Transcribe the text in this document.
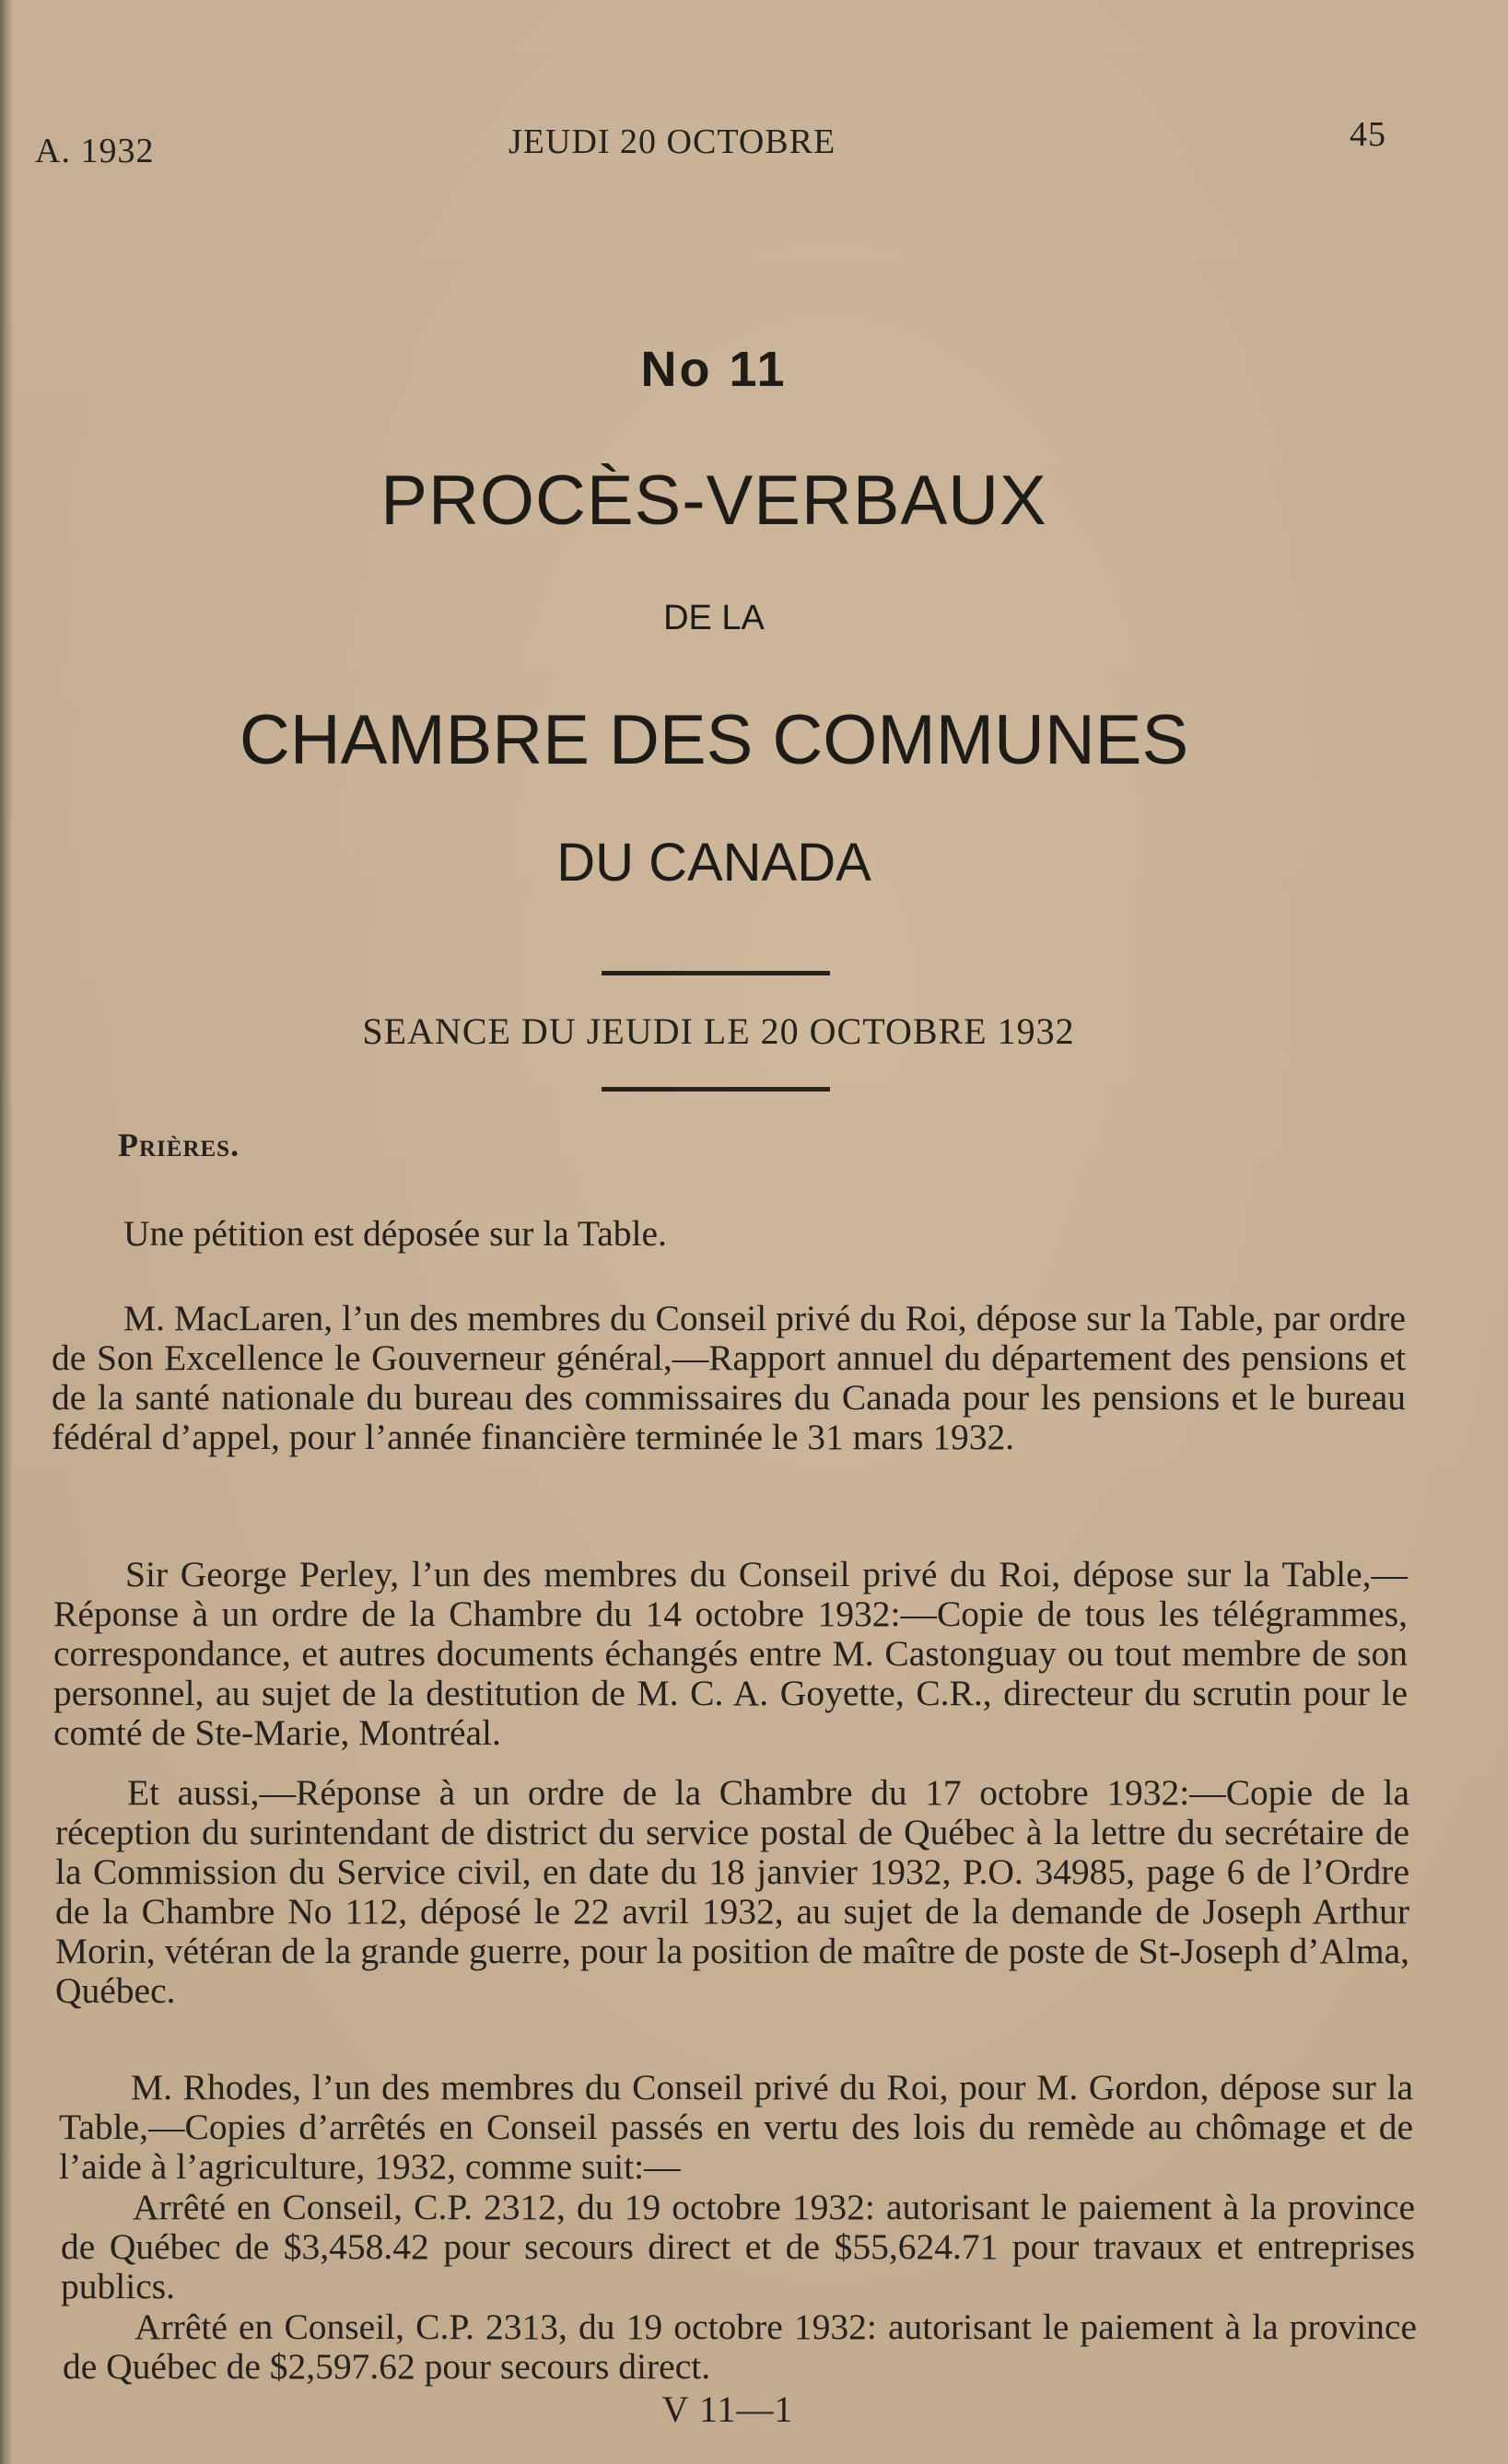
A. 1932	JEUDI 20 OCTOBRE	45
No 11
PROCÈS-VERBAUX
DE LA
CHAMBRE DES COMMUNES
DU CANADA
SEANCE DU JEUDI LE 20 OCTOBRE 1932
Prières.
Une pétition est déposée sur la Table.
M. MacLaren, l’un des membres du Conseil privé du Roi, dépose sur la Table, par ordre de Son Excellence le Gouverneur général,—Rapport annuel du département des pensions et de la santé nationale du bureau des commissaires du Canada pour les pensions et le bureau fédéral d’appel, pour l’année financière terminée le 31 mars 1932.
Sir George Perley, l’un des membres du Conseil privé du Roi, dépose sur la Table,—Réponse à un ordre de la Chambre du 14 octobre 1932:—Copie de tous les télégrammes, correspondance, et autres documents échangés entre M. Castonguay ou tout membre de son personnel, au sujet de la destitution de M. C. A. Goyette, C.R., directeur du scrutin pour le comté de Ste-Marie, Montréal.
Et aussi,—Réponse à un ordre de la Chambre du 17 octobre 1932:—Copie de la réception du surintendant de district du service postal de Québec à la lettre du secrétaire de la Commission du Service civil, en date du 18 janvier 1932, P.O. 34985, page 6 de l’Ordre de la Chambre No 112, déposé le 22 avril 1932, au sujet de la demande de Joseph Arthur Morin, vétéran de la grande guerre, pour la position de maître de poste de St-Joseph d’Alma, Québec.
M. Rhodes, l’un des membres du Conseil privé du Roi, pour M. Gordon, dépose sur la Table,—Copies d’arrêtés en Conseil passés en vertu des lois du remède au chômage et de l’aide à l’agriculture, 1932, comme suit:—
Arrêté en Conseil, C.P. 2312, du 19 octobre 1932: autorisant le paiement à la province de Québec de $3,458.42 pour secours direct et de $55,624.71 pour travaux et entreprises publics.
Arrêté en Conseil, C.P. 2313, du 19 octobre 1932: autorisant le paiement à la province de Québec de $2,597.62 pour secours direct.
V 11—1
